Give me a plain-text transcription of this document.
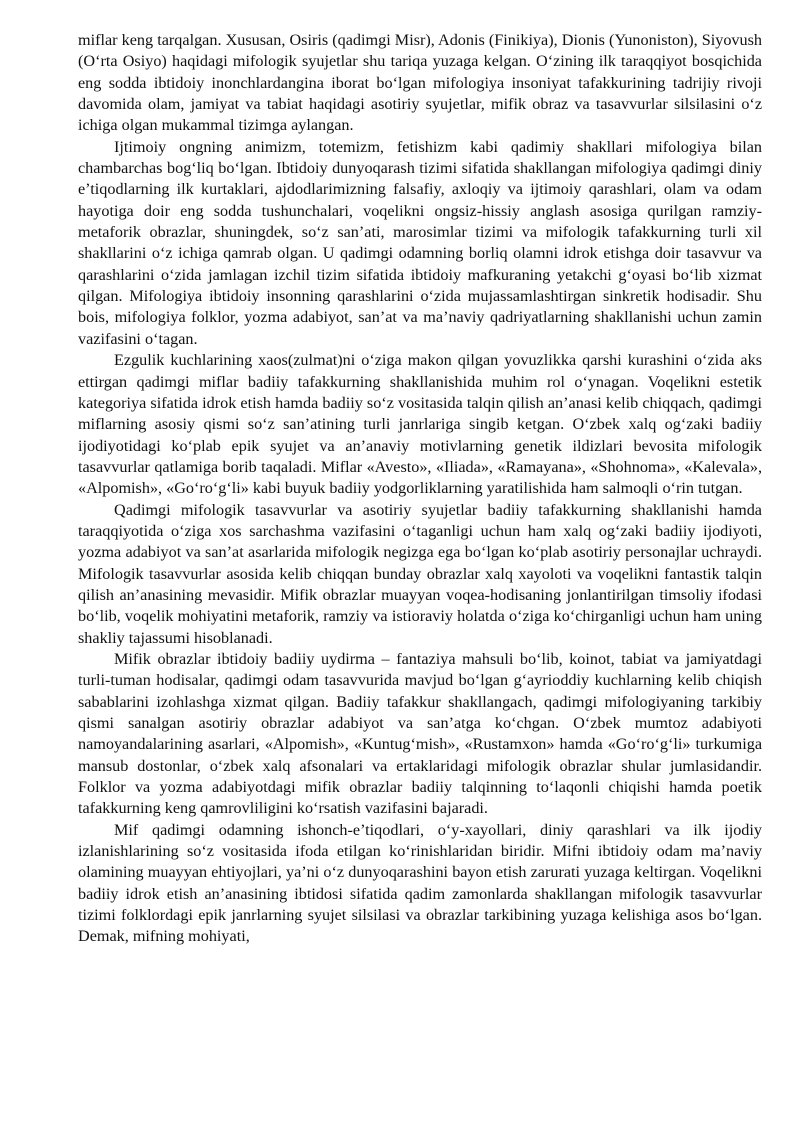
miflar keng tarqalgan. Xususan, Osiris (qadimgi Misr), Adonis (Finikiya), Dionis (Yunoniston), Siyovush (O‘rta Osiyo) haqidagi mifologik syujetlar shu tariqa yuzaga kelgan. O‘zining ilk taraqqiyot bosqichida eng sodda ibtidoiy inonchlardangina iborat bo‘lgan mifologiya insoniyat tafakkurining tadrijiy rivoji davomida olam, jamiyat va tabiat haqidagi asotiriy syujetlar, mifik obraz va tasavvurlar silsilasini o‘z ichiga olgan mukammal tizimga aylangan.

Ijtimoiy ongning animizm, totemizm, fetishizm kabi qadimiy shakllari mifologiya bilan chambarchas bog‘liq bo‘lgan. Ibtidoiy dunyoqarash tizimi sifatida shakllangan mifologiya qadimgi diniy e’tiqodlarning ilk kurtaklari, ajdodlarimizning falsafiy, axloqiy va ijtimoiy qarashlari, olam va odam hayotiga doir eng sodda tushunchalari, voqelikni ongsiz-hissiy anglash asosiga qurilgan ramziy-metaforik obrazlar, shuningdek, so‘z san’ati, marosimlar tizimi va mifologik tafakkurning turli xil shakllarini o‘z ichiga qamrab olgan. U qadimgi odamning borliq olamni idrok etishga doir tasavvur va qarashlarini o‘zida jamlagan izchil tizim sifatida ibtidoiy mafkuraning yetakchi g‘oyasi bo‘lib xizmat qilgan. Mifologiya ibtidoiy insonning qarashlarini o‘zida mujassamlashtirgan sinkretik hodisadir. Shu bois, mifologiya folklor, yozma adabiyot, san’at va ma’naviy qadriyatlarning shakllanishi uchun zamin vazifasini o‘tagan.

Ezgulik kuchlarining xaos(zulmat)ni o‘ziga makon qilgan yovuzlikka qarshi kurashini o‘zida aks ettirgan qadimgi miflar badiiy tafakkurning shakllanishida muhim rol o‘ynagan. Voqelikni estetik kategoriya sifatida idrok etish hamda badiiy so‘z vositasida talqin qilish an’anasi kelib chiqqach, qadimgi miflarning asosiy qismi so‘z san’atining turli janrlariga singib ketgan. O‘zbek xalq og‘zaki badiiy ijodiyotidagi ko‘plab epik syujet va an’anaviy motivlarning genetik ildizlari bevosita mifologik tasavvurlar qatlamiga borib taqaladi. Miflar «Avesto», «Iliada», «Ramayana», «Shohnoma», «Kalevala», «Alpomish», «Go‘ro‘g‘li» kabi buyuk badiiy yodgorliklarning yaratilishida ham salmoqli o‘rin tutgan.

Qadimgi mifologik tasavvurlar va asotiriy syujetlar badiiy tafakkurning shakllanishi hamda taraqqiyotida o‘ziga xos sarchashma vazifasini o‘taganligi uchun ham xalq og‘zaki badiiy ijodiyoti, yozma adabiyot va san’at asarlarida mifologik negizga ega bo‘lgan ko‘plab asotiriy personajlar uchraydi. Mifologik tasavvurlar asosida kelib chiqqan bunday obrazlar xalq xayoloti va voqelikni fantastik talqin qilish an’anasining mevasidir. Mifik obrazlar muayyan voqea-hodisaning jonlantirilgan timsoliy ifodasi bo‘lib, voqelik mohiyatini metaforik, ramziy va istioraviy holatda o‘ziga ko‘chirganligi uchun ham uning shakliy tajassumi hisoblanadi.

Mifik obrazlar ibtidoiy badiiy uydirma – fantaziya mahsuli bo‘lib, koinot, tabiat va jamiyatdagi turli-tuman hodisalar, qadimgi odam tasavvurida mavjud bo‘lgan g‘ayrioddiy kuchlarning kelib chiqish sabablarini izohlashga xizmat qilgan. Badiiy tafakkur shakllangach, qadimgi mifologiyaning tarkibiy qismi sanalgan asotiriy obrazlar adabiyot va san’atga ko‘chgan. O‘zbek mumtoz adabiyoti namoyandalarining asarlari, «Alpomish», «Kuntug‘mish», «Rustamxon» hamda «Go‘ro‘g‘li» turkumiga mansub dostonlar, o‘zbek xalq afsonalari va ertaklaridagi mifologik obrazlar shular jumlasidandir. Folklor va yozma adabiyotdagi mifik obrazlar badiiy talqinning to‘laqonli chiqishi hamda poetik tafakkurning keng qamrovliligini ko‘rsatish vazifasini bajaradi.

Mif qadimgi odamning ishonch-e’tiqodlari, o‘y-xayollari, diniy qarashlari va ilk ijodiy izlanishlarining so‘z vositasida ifoda etilgan ko‘rinishlaridan biridir. Mifni ibtidoiy odam ma’naviy olamining muayyan ehtiyojlari, ya’ni o‘z dunyoqarashini bayon etish zarurati yuzaga keltirgan. Voqelikni badiiy idrok etish an’anasining ibtidosi sifatida qadim zamonlarda shakllangan mifologik tasavvurlar tizimi folklordagi epik janrlarning syujet silsilasi va obrazlar tarkibining yuzaga kelishiga asos bo‘lgan. Demak, mifning mohiyati,
